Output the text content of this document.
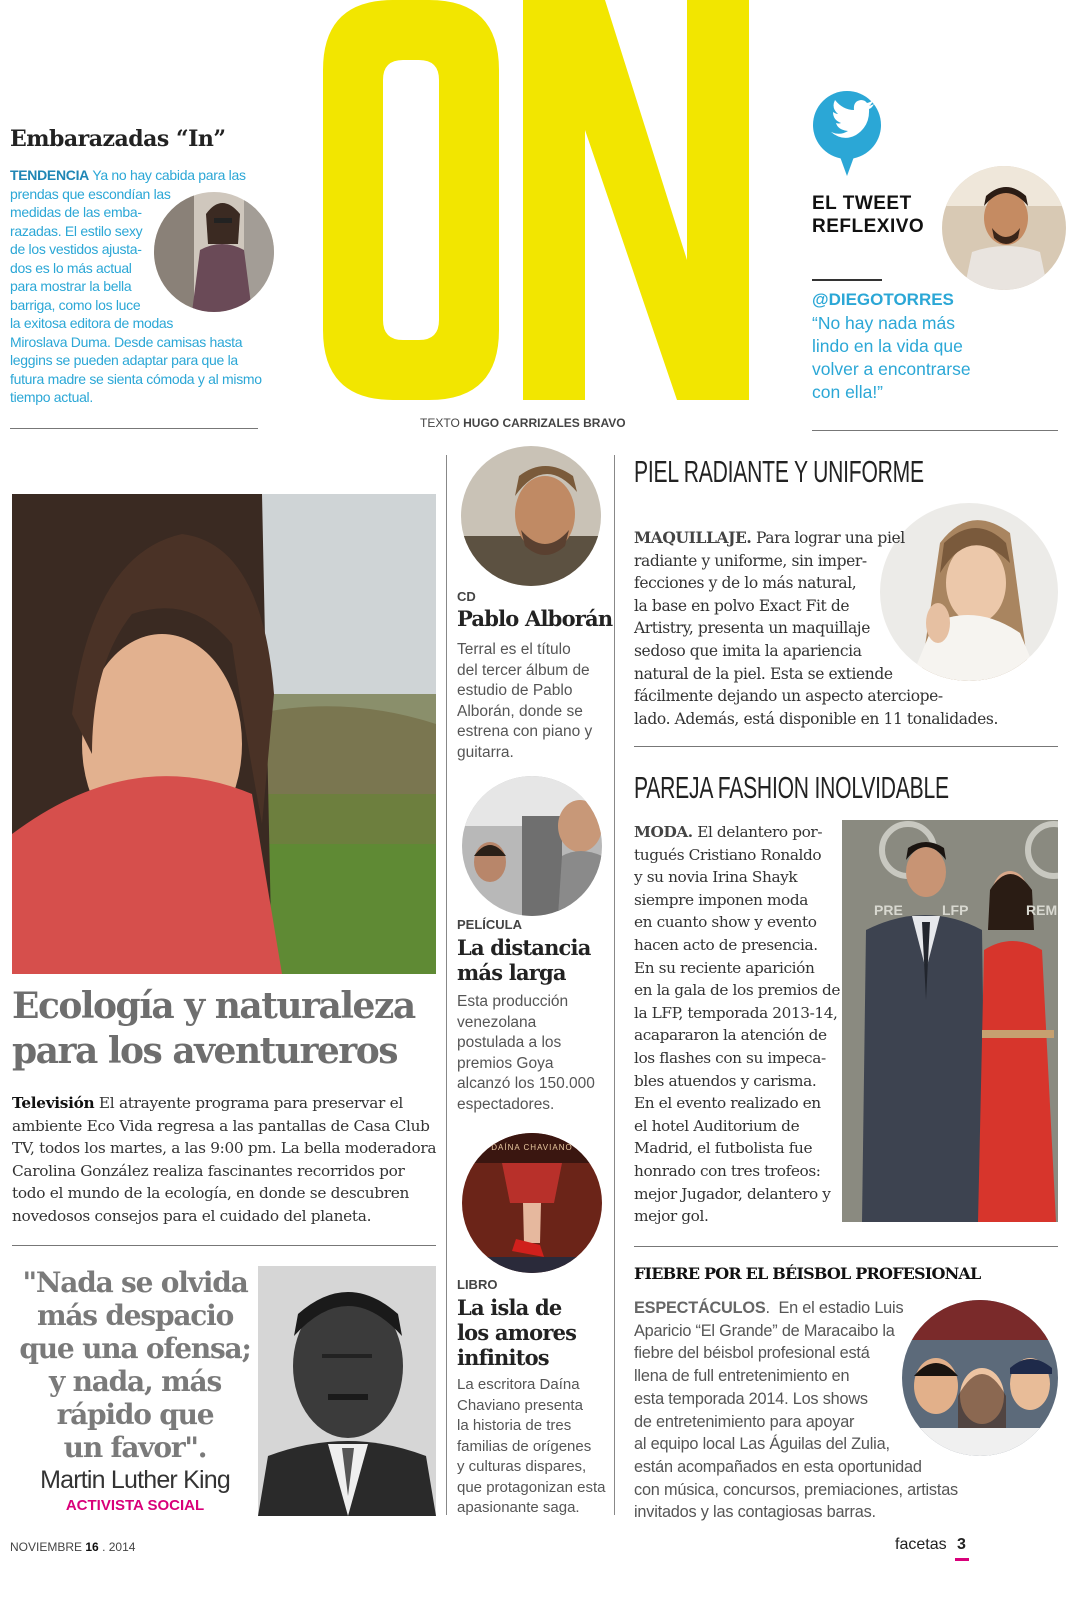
TEXTO HUGO CARRIZALES BRAVO
Embarazadas “In”

TENDENCIA Ya no hay cabida para las

prendas que escondían las

medidas de las emba-

razadas. El estilo sexy

de los vestidos ajusta-

dos es lo más actual

para mostrar la bella

barriga, como los luce

la exitosa editora de modas

Miroslava Duma. Desde camisas hasta

leggins se pueden adaptar para que la

futura madre se sienta cómoda y al mismo

tiempo actual.

EL TWEET

REFLEXIVO

@DIEGOTORRES

“No hay nada más

lindo en la vida que

volver a encontrarse

con ella!”

Ecología y naturaleza

para los aventureros

Televisión El atrayente programa para preservar el

ambiente Eco Vida regresa a las pantallas de Casa Club

TV, todos los martes, a las 9:00 pm. La bella moderadora

Carolina González realiza fascinantes recorridos por

todo el mundo de la ecología, en donde se descubren

novedosos consejos para el cuidado del planeta.

"Nada se olvida

más despacio

que una ofensa;

y nada, más

rápido que

un favor".

Martin Luther King
ACTIVISTA SOCIAL
CD
Pablo Alborán

Terral es el título

del tercer álbum de

estudio de Pablo

Alborán, donde se

estrena con piano y

guitarra.

PELÍCULA

La distancia

más larga

Esta producción

venezolana

postulada a los

premios Goya

alcanzó los 150.000

espectadores.

DAÍNA CHAVIANO
LIBRO

La isla de

los amores

infinitos

La escritora Daína

Chaviano presenta

la historia de tres

familias de orígenes

y culturas dispares,

que protagonizan esta

apasionante saga.

PIEL RADIANTE Y UNIFORME

MAQUILLAJE. Para lograr una piel

radiante y uniforme, sin imper-

fecciones y de lo más natural,

la base en polvo Exact Fit de

Artistry, presenta un maquillaje

sedoso que imita la apariencia

natural de la piel. Esta se extiende

fácilmente dejando un aspecto aterciope-

lado. Además, está disponible en 11 tonalidades.

PAREJA FASHION INOLVIDABLE
PRE	LFP	REM

MODA. El delantero por-

tugués Cristiano Ronaldo

y su novia Irina Shayk

siempre imponen moda

en cuanto show y evento

hacen acto de presencia.

En su reciente aparición

en la gala de los premios de

la LFP, temporada 2013-14,

acapararon la atención de

los flashes con su impeca-

bles atuendos y carisma.

En el evento realizado en

el hotel Auditorium de

Madrid, el futbolista fue

honrado con tres trofeos:

mejor Jugador, delantero y

mejor gol.

FIEBRE POR EL BÉISBOL PROFESIONAL

ESPECTÁCULOS.  En el estadio Luis

Aparicio “El Grande” de Maracaibo la

fiebre del béisbol profesional está

llena de full entretenimiento en

esta temporada 2014. Los shows

de entretenimiento para apoyar

al equipo local Las Águilas del Zulia,

están acompañados en esta oportunidad

con música, concursos, premiaciones, artistas

invitados y las contagiosas barras.

NOVIEMBRE 16 . 2014	facetas 3
